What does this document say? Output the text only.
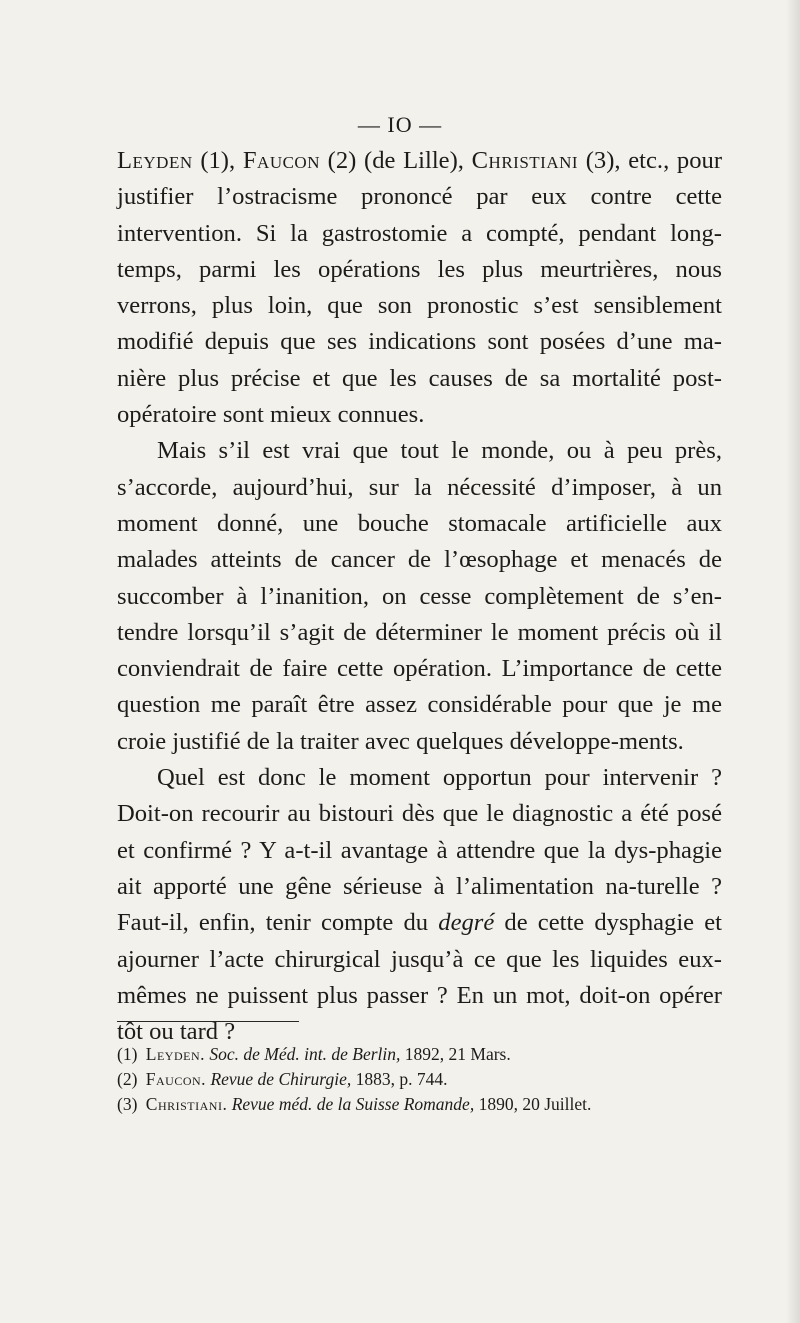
— IO —

Leyden (1), Faucon (2) (de Lille), Christiani (3), etc., pour justifier l’ostracisme prononcé par eux contre cette intervention. Si la gastrostomie a compté, pendant long-temps, parmi les opérations les plus meurtrières, nous verrons, plus loin, que son pronostic s’est sensiblement modifié depuis que ses indications sont posées d’une ma-nière plus précise et que les causes de sa mortalité post-opératoire sont mieux connues.

Mais s’il est vrai que tout le monde, ou à peu près, s’accorde, aujourd’hui, sur la nécessité d’imposer, à un moment donné, une bouche stomacale artificielle aux malades atteints de cancer de l’œsophage et menacés de succomber à l’inanition, on cesse complètement de s’en-tendre lorsqu’il s’agit de déterminer le moment précis où il conviendrait de faire cette opération. L’importance de cette question me paraît être assez considérable pour que je me croie justifié de la traiter avec quelques développe-ments.

Quel est donc le moment opportun pour intervenir ? Doit-on recourir au bistouri dès que le diagnostic a été posé et confirmé ? Y a-t-il avantage à attendre que la dys-phagie ait apporté une gêne sérieuse à l’alimentation na-turelle ? Faut-il, enfin, tenir compte du degré de cette dysphagie et ajourner l’acte chirurgical jusqu’à ce que les liquides eux-mêmes ne puissent plus passer ? En un mot, doit-on opérer tôt ou tard ?

(1) Leyden. Soc. de Méd. int. de Berlin, 1892, 21 Mars.
(2) Faucon. Revue de Chirurgie, 1883, p. 744.
(3) Christiani. Revue méd. de la Suisse Romande, 1890, 20 Juillet.
